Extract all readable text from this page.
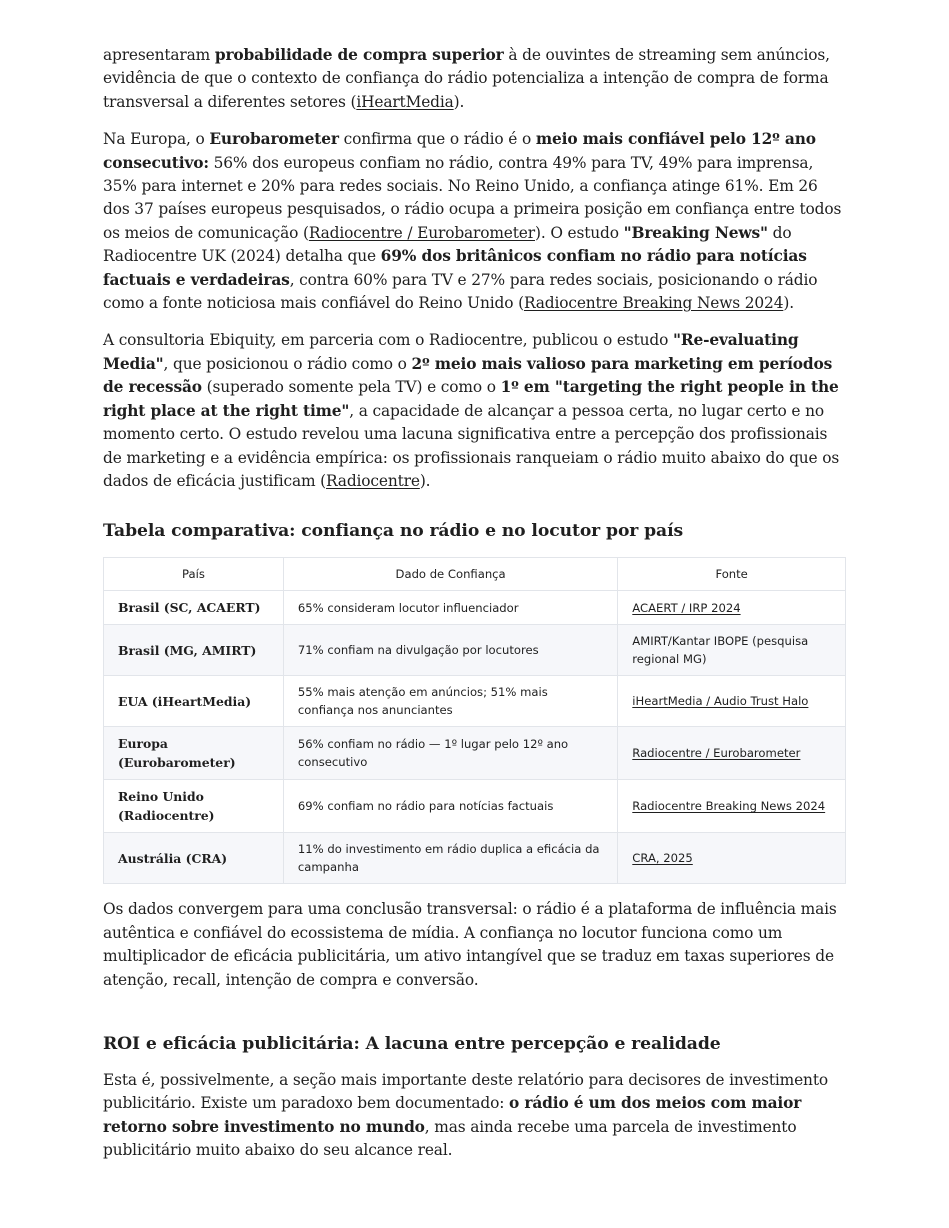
apresentaram probabilidade de compra superior à de ouvintes de streaming sem anúncios, evidência de que o contexto de confiança do rádio potencializa a intenção de compra de forma transversal a diferentes setores (iHeartMedia).

Na Europa, o Eurobarometer confirma que o rádio é o meio mais confiável pelo 12º ano consecutivo: 56% dos europeus confiam no rádio, contra 49% para TV, 49% para imprensa, 35% para internet e 20% para redes sociais. No Reino Unido, a confiança atinge 61%. Em 26 dos 37 países europeus pesquisados, o rádio ocupa a primeira posição em confiança entre todos os meios de comunicação (Radiocentre / Eurobarometer). O estudo "Breaking News" do Radiocentre UK (2024) detalha que 69% dos britânicos confiam no rádio para notícias factuais e verdadeiras, contra 60% para TV e 27% para redes sociais, posicionando o rádio como a fonte noticiosa mais confiável do Reino Unido (Radiocentre Breaking News 2024).

A consultoria Ebiquity, em parceria com o Radiocentre, publicou o estudo "Re-evaluating Media", que posicionou o rádio como o 2º meio mais valioso para marketing em períodos de recessão (superado somente pela TV) e como o 1º em "targeting the right people in the right place at the right time", a capacidade de alcançar a pessoa certa, no lugar certo e no momento certo. O estudo revelou uma lacuna significativa entre a percepção dos profissionais de marketing e a evidência empírica: os profissionais ranqueiam o rádio muito abaixo do que os dados de eficácia justificam (Radiocentre).

Tabela comparativa: confiança no rádio e no locutor por país
País	Dado de Confiança	Fonte
Brasil (SC, ACAERT)	65% consideram locutor influenciador	ACAERT / IRP 2024
Brasil (MG, AMIRT)	71% confiam na divulgação por locutores	AMIRT/Kantar IBOPE (pesquisa regional MG)
EUA (iHeartMedia)	55% mais atenção em anúncios; 51% mais confiança nos anunciantes	iHeartMedia / Audio Trust Halo
Europa (Eurobarometer)	56% confiam no rádio — 1º lugar pelo 12º ano consecutivo	Radiocentre / Eurobarometer
Reino Unido (Radiocentre)	69% confiam no rádio para notícias factuais	Radiocentre Breaking News 2024
Austrália (CRA)	11% do investimento em rádio duplica a eficácia da campanha	CRA, 2025

Os dados convergem para uma conclusão transversal: o rádio é a plataforma de influência mais autêntica e confiável do ecossistema de mídia. A confiança no locutor funciona como um multiplicador de eficácia publicitária, um ativo intangível que se traduz em taxas superiores de atenção, recall, intenção de compra e conversão.

ROI e eficácia publicitária: A lacuna entre percepção e realidade

Esta é, possivelmente, a seção mais importante deste relatório para decisores de investimento publicitário. Existe um paradoxo bem documentado: o rádio é um dos meios com maior retorno sobre investimento no mundo, mas ainda recebe uma parcela de investimento publicitário muito abaixo do seu alcance real.
